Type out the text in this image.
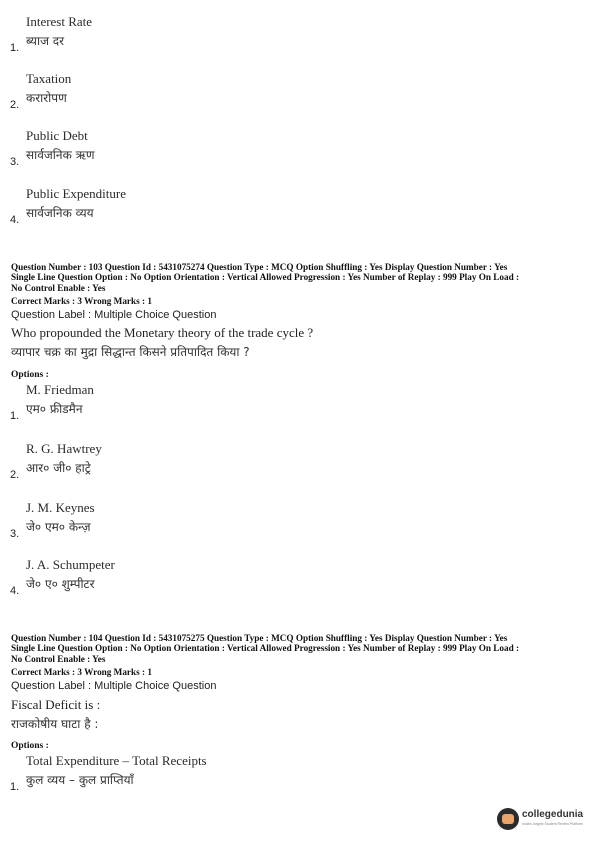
Interest Rate
ब्याज दर
1.
Taxation
करारोपण
2.
Public Debt
सार्वजनिक ऋण
3.
Public Expenditure
सार्वजनिक व्यय
4.
Question Number : 103 Question Id : 5431075274 Question Type : MCQ Option Shuffling : Yes Display Question Number : Yes
Single Line Question Option : No Option Orientation : Vertical Allowed Progression : Yes Number of Replay : 999 Play On Load :
No Control Enable : Yes
Correct Marks : 3 Wrong Marks : 1
Question Label : Multiple Choice Question
Who propounded the Monetary theory of the trade cycle ?
व्यापार चक्र का मुद्रा सिद्धान्त किसने प्रतिपादित किया ?
Options :
M. Friedman
एम० फ्रीडमैन
1.
R. G. Hawtrey
आर० जी० हाट्रे
2.
J. M. Keynes
जे० एम० केन्ज़
3.
J. A. Schumpeter
जे० ए० शुम्पीटर
4.
Question Number : 104 Question Id : 5431075275 Question Type : MCQ Option Shuffling : Yes Display Question Number : Yes
Single Line Question Option : No Option Orientation : Vertical Allowed Progression : Yes Number of Replay : 999 Play On Load :
No Control Enable : Yes
Correct Marks : 3 Wrong Marks : 1
Question Label : Multiple Choice Question
Fiscal Deficit is :
राजकोषीय घाटा है :
Options :
Total Expenditure – Total Receipts
कुल व्यय – कुल प्राप्तियाँ
1.
collegedunia
India's largest Student Review Platform
